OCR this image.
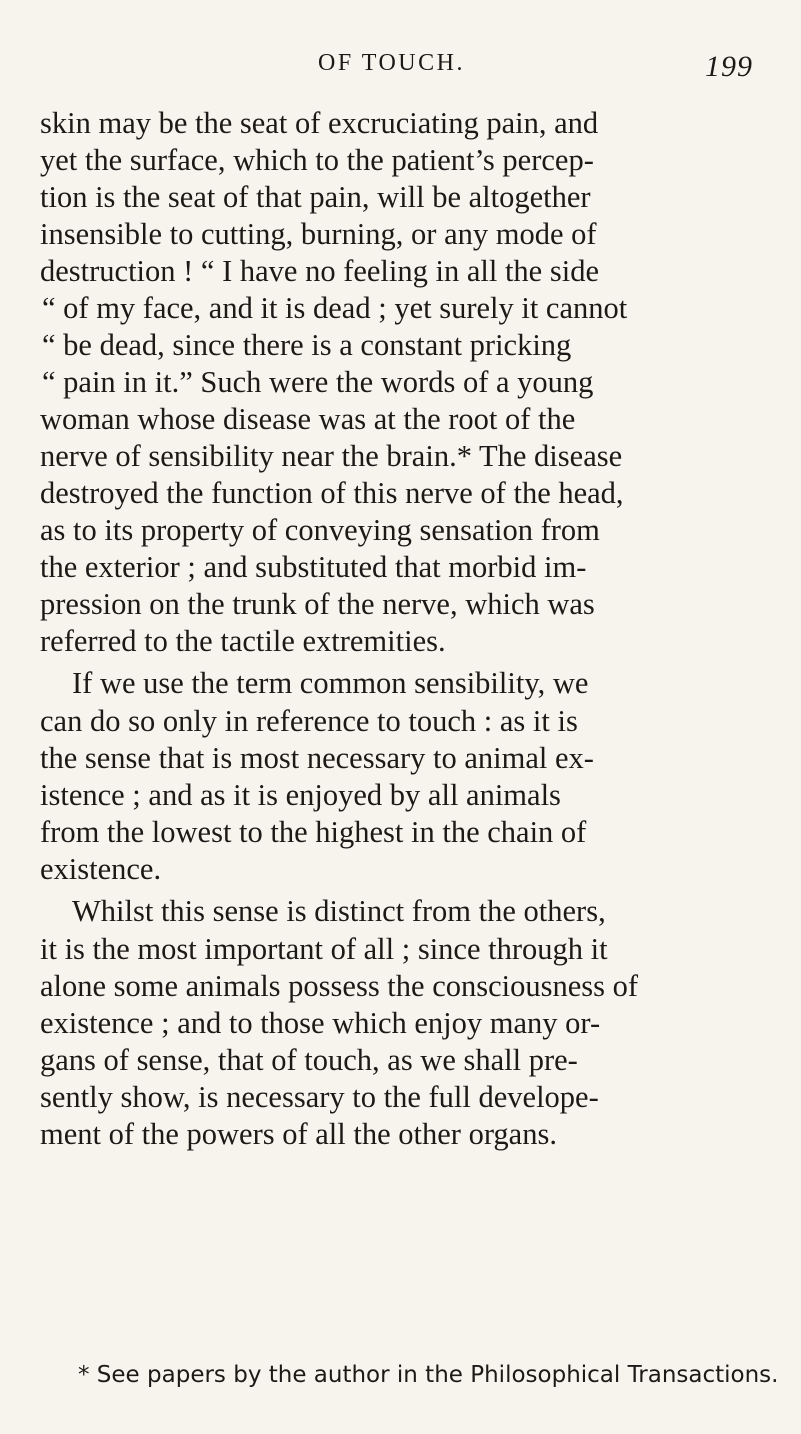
OF TOUCH.	199
skin may be the seat of excruciating pain, and
yet the surface, which to the patient’s percep-
tion is the seat of that pain, will be altogether
insensible to cutting, burning, or any mode of
destruction ! “ I have no feeling in all the side
“ of my face, and it is dead ; yet surely it cannot
“ be dead, since there is a constant pricking
“ pain in it.” Such were the words of a young
woman whose disease was at the root of the
nerve of sensibility near the brain.* The disease
destroyed the function of this nerve of the head,
as to its property of conveying sensation from
the exterior ; and substituted that morbid im-
pression on the trunk of the nerve, which was
referred to the tactile extremities.
If we use the term common sensibility, we
can do so only in reference to touch : as it is
the sense that is most necessary to animal ex-
istence ; and as it is enjoyed by all animals
from the lowest to the highest in the chain of
existence.
Whilst this sense is distinct from the others,
it is the most important of all ; since through it
alone some animals possess the consciousness of
existence ; and to those which enjoy many or-
gans of sense, that of touch, as we shall pre-
sently show, is necessary to the full develope-
ment of the powers of all the other organs.
* See papers by the author in the Philosophical Transactions.
